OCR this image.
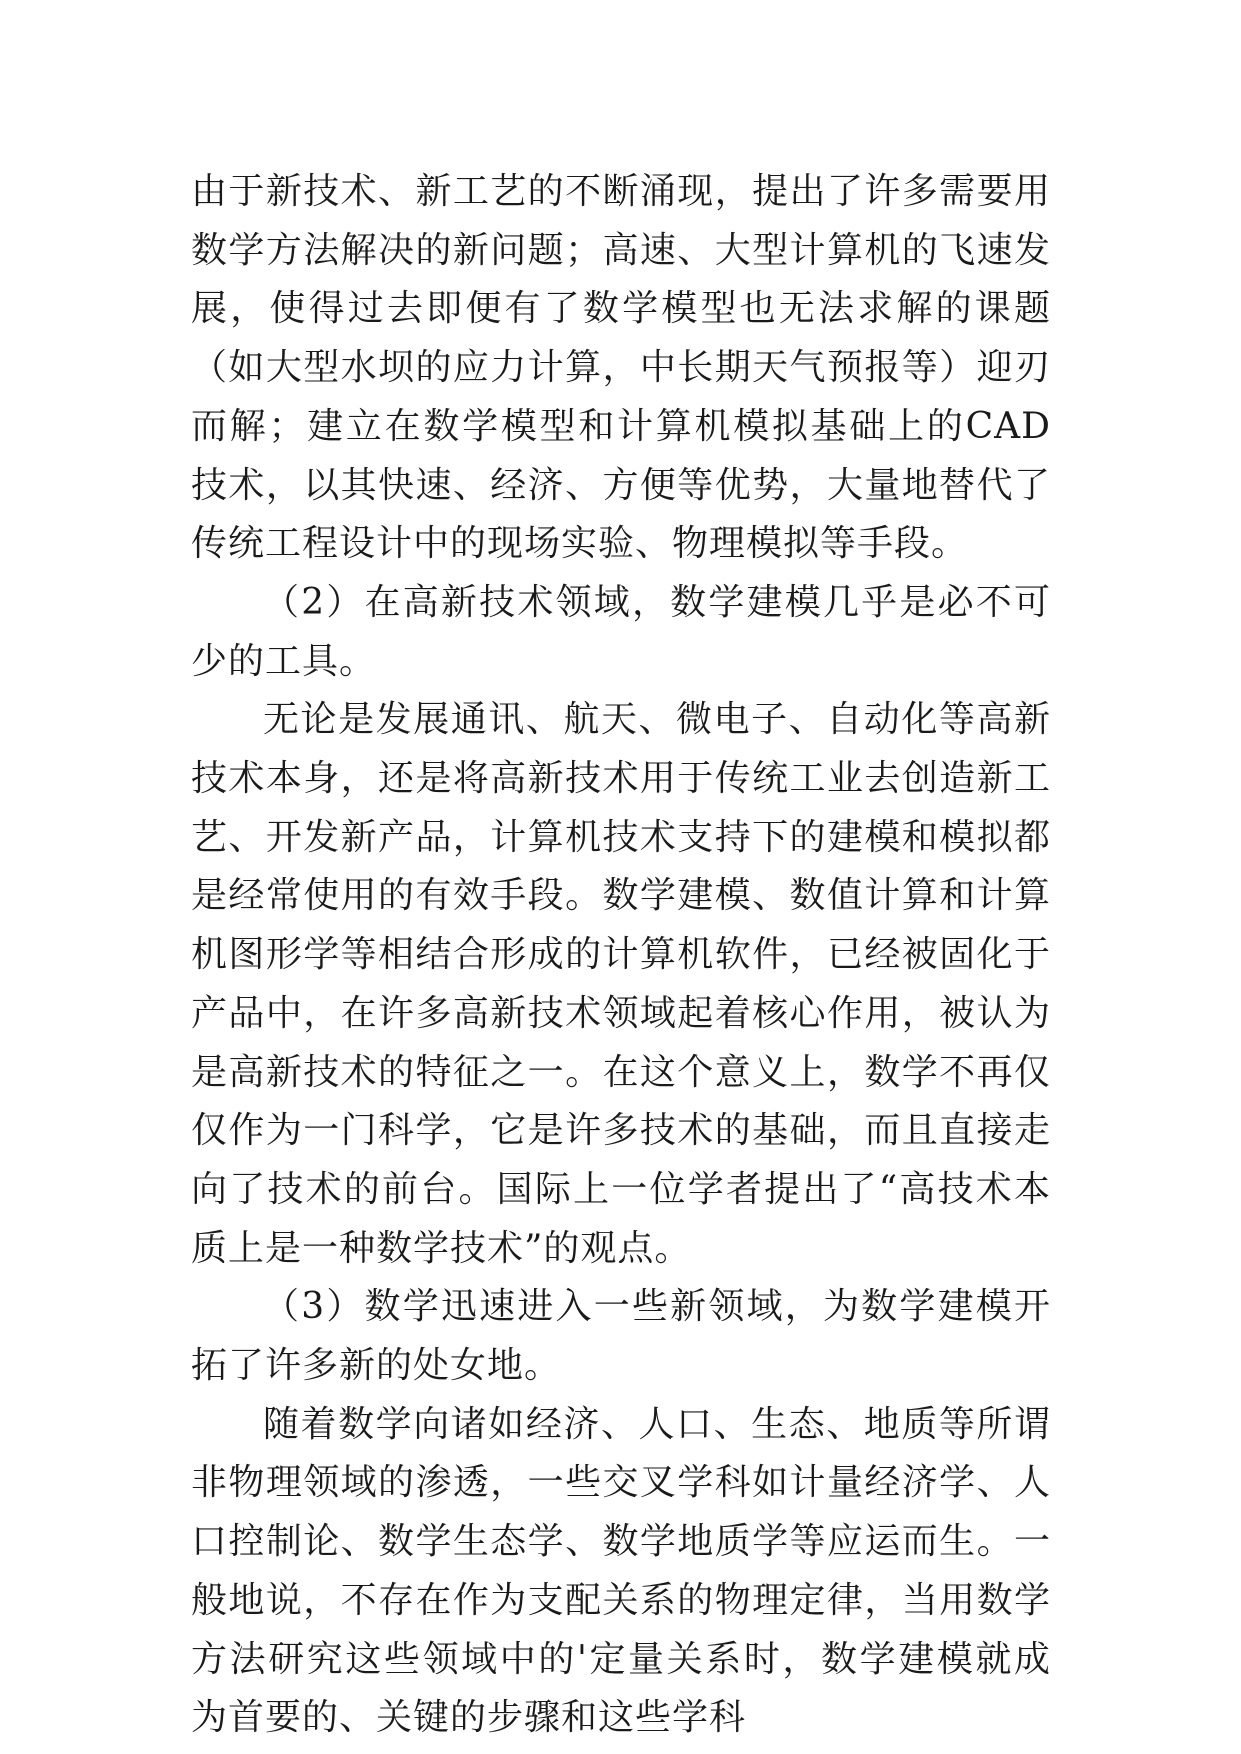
由于新技术、新工艺的不断涌现，提出了许多需要用数学方法解决的新问题；高速、大型计算机的飞速发展，使得过去即便有了数学模型也无法求解的课题（如大型水坝的应力计算，中长期天气预报等）迎刃而解；建立在数学模型和计算机模拟基础上的CAD技术，以其快速、经济、方便等优势，大量地替代了传统工程设计中的现场实验、物理模拟等手段。

（2）在高新技术领域，数学建模几乎是必不可少的工具。

无论是发展通讯、航天、微电子、自动化等高新技术本身，还是将高新技术用于传统工业去创造新工艺、开发新产品，计算机技术支持下的建模和模拟都是经常使用的有效手段。数学建模、数值计算和计算机图形学等相结合形成的计算机软件，已经被固化于产品中，在许多高新技术领域起着核心作用，被认为是高新技术的特征之一。在这个意义上，数学不再仅仅作为一门科学，它是许多技术的基础，而且直接走向了技术的前台。国际上一位学者提出了“高技术本质上是一种数学技术”的观点。

（3）数学迅速进入一些新领域，为数学建模开拓了许多新的处女地。

随着数学向诸如经济、人口、生态、地质等所谓非物理领域的渗透，一些交叉学科如计量经济学、人口控制论、数学生态学、数学地质学等应运而生。一般地说，不存在作为支配关系的物理定律，当用数学方法研究这些领域中的'定量关系时，数学建模就成为首要的、关键的步骤和这些学科
